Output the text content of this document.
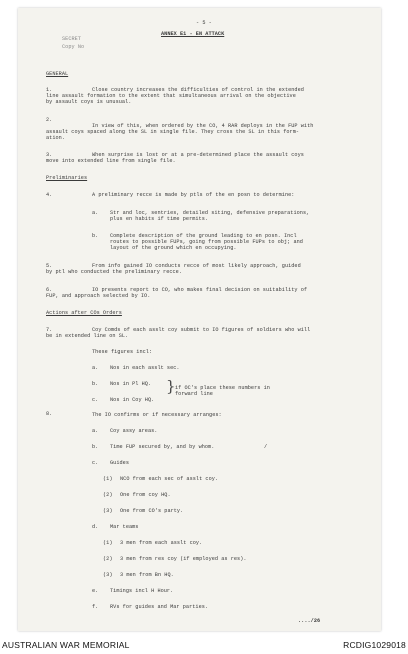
- 5 -
ANNEX E1 - EN ATTACK
SECRET
Copy No
GENERAL
1.	Close country increases the difficulties of control in the extended
line assault formation to the extent that simultaneous arrival on the objective
by assault coys is unusual.
2.
In view of this, when ordered by the CO, 4 RAR deploys in the FUP with
assault coys spaced along the SL in single file. They cross the SL in this form-
ation.
3.	When surprise is lost or at a pre-determined place the assault coys
move into extended line from single file.
Preliminaries
4.	A preliminary recce is made by ptls of the en posn to determine:
a. Str and loc, sentries, detailed siting, defensive preparations,
plus en habits if time permits.
b. Complete description of the ground leading to en posn. Incl
routes to possible FUPs, going from possible FUPs to obj; and
layout of the ground which en occupying.
5.	From info gained IO conducts recce of most likely approach, guided
by ptl who conducted the preliminary recce.
6.	IO presents report to CO, who makes final decision on suitability of
FUP, and approach selected by IO.
Actions after COs Orders
7.	Coy Comds of each asslt coy submit to IO figures of soldiers who will
be in extended line on SL.
These figures incl:
a. Nos in each asslt sec.
b. Nos in Pl HQ.
c. Nos in Coy HQ.
} if OC's place these numbers in
forward line
8.	The IO confirms or if necessary arranges:
a. Coy assy areas.
b. Time FUP secured by, and by whom.	/
c. Guides
(1) NCO from each sec of asslt coy.
(2) One from coy HQ.
(3) One from CO's party.
d. Mar teams
(1) 3 men from each asslt coy.
(2) 3 men from res coy (if employed as res).
(3) 3 men from Bn HQ.
e. Timings incl H Hour.
f. RVs for guides and Mar parties.
..../26
AUSTRALIAN WAR MEMORIAL	RCDIG1029018
